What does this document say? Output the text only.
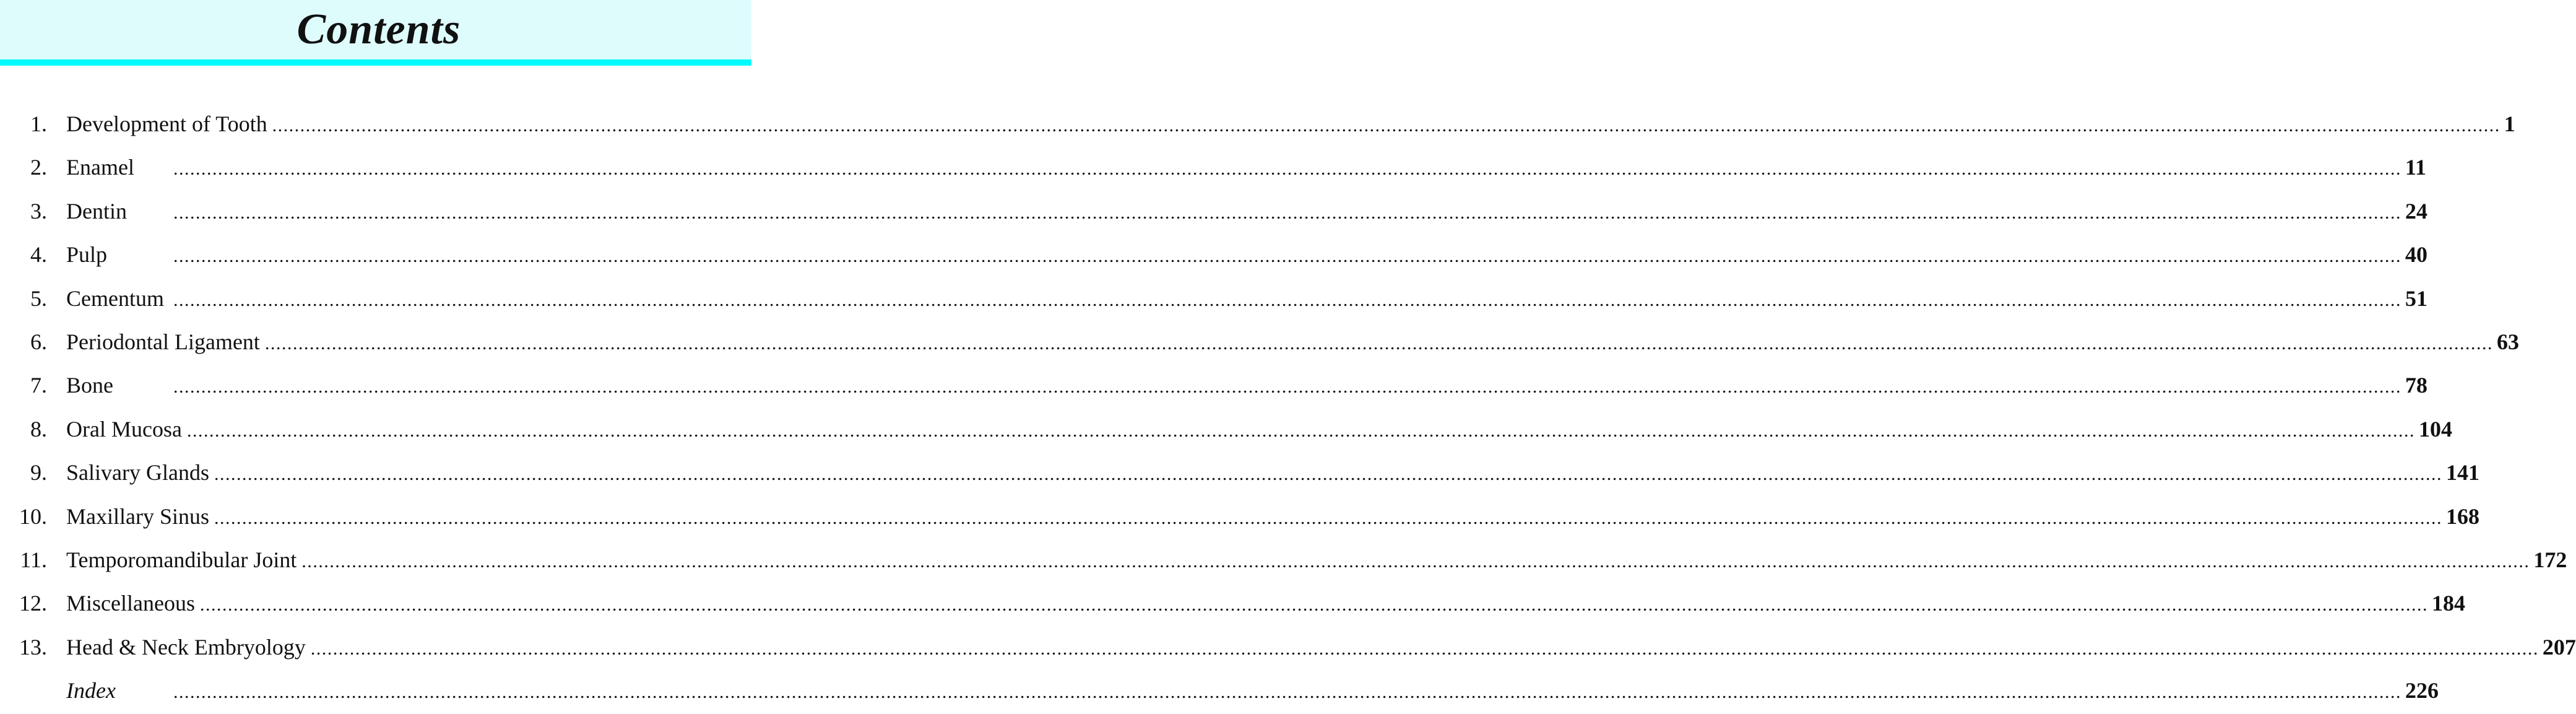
Contents
1. Development of Tooth ................................................................................................................................................................................................................................................................................................................................................................................................................ 1
2. Enamel	................................................................................................................................................................................................................................................................................................................................................................................................................ 11
3. Dentin	................................................................................................................................................................................................................................................................................................................................................................................................................ 24
4. Pulp	................................................................................................................................................................................................................................................................................................................................................................................................................ 40
5. Cementum ................................................................................................................................................................................................................................................................................................................................................................................................................ 51
6. Periodontal Ligament ................................................................................................................................................................................................................................................................................................................................................................................................................ 63
7. Bone	................................................................................................................................................................................................................................................................................................................................................................................................................ 78
8. Oral Mucosa ................................................................................................................................................................................................................................................................................................................................................................................................................ 104
9. Salivary Glands ................................................................................................................................................................................................................................................................................................................................................................................................................ 141
10. Maxillary Sinus ................................................................................................................................................................................................................................................................................................................................................................................................................ 168
11. Temporomandibular Joint ................................................................................................................................................................................................................................................................................................................................................................................................................ 172
12. Miscellaneous ................................................................................................................................................................................................................................................................................................................................................................................................................ 184
13. Head & Neck Embryology ................................................................................................................................................................................................................................................................................................................................................................................................................ 207
Index	................................................................................................................................................................................................................................................................................................................................................................................................................ 226
